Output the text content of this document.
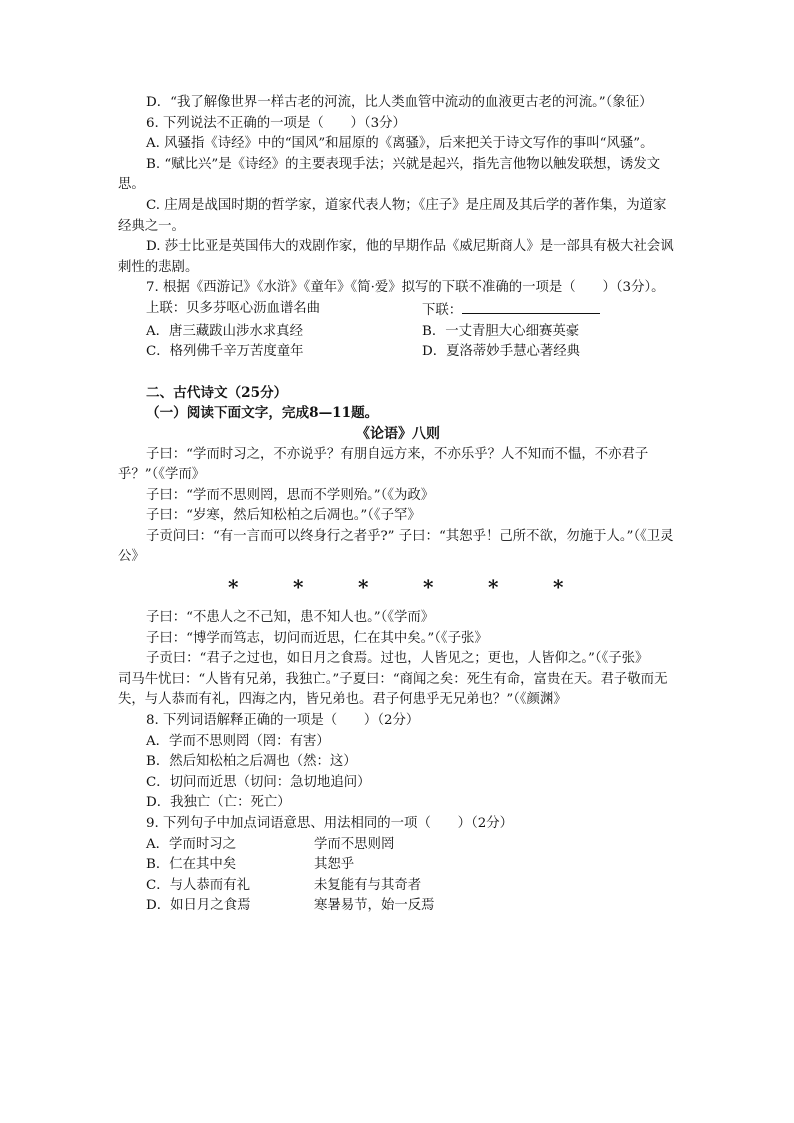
D．“我了解像世界一样古老的河流，比人类血管中流动的血液更古老的河流。”（象征）

6. 下列说法不正确的一项是（　　）（3分）

A. 风骚指《诗经》中的“国风”和屈原的《离骚》，后来把关于诗文写作的事叫“风骚”。

B. “赋比兴”是《诗经》的主要表现手法；兴就是起兴，指先言他物以触发联想，诱发文思。

C. 庄周是战国时期的哲学家，道家代表人物；《庄子》是庄周及其后学的著作集，为道家经典之一。

D. 莎士比亚是英国伟大的戏剧作家，他的早期作品《威尼斯商人》是一部具有极大社会讽刺性的悲剧。

7. 根据《西游记》《水浒》《童年》《简·爱》拟写的下联不准确的一项是（　　）（3分）。

上联：贝多芬呕心沥血谱名曲	下联：
A．唐三藏跋山涉水求真经	B．一丈青胆大心细赛英豪
C．格列佛千辛万苦度童年	D．夏洛蒂妙手慧心著经典

二、古代诗文（25分）

（一）阅读下面文字，完成8—11题。

《论语》八则

子曰：“学而时习之，不亦说乎？有朋自远方来，不亦乐乎？人不知而不愠，不亦君子乎？”（《学而》

子曰：“学而不思则罔，思而不学则殆。”（《为政》

子曰：“岁寒，然后知松柏之后凋也。”（《子罕》

子贡问曰：“有一言而可以终身行之者乎?” 子曰：“其恕乎！己所不欲，勿施于人。”（《卫灵公》

*	*	*	*	*	*

子曰：“不患人之不己知，患不知人也。”（《学而》

子曰：“博学而笃志，切问而近思，仁在其中矣。”（《子张》

子贡曰：“君子之过也，如日月之食焉。过也，人皆见之；更也，人皆仰之。”（《子张》

司马牛忧曰：“人皆有兄弟，我独亡。”子夏曰：“商闻之矣：死生有命，富贵在天。君子敬而无失，与人恭而有礼，四海之内，皆兄弟也。君子何患乎无兄弟也？”（《颜渊》

8. 下列词语解释正确的一项是（　　）（2分）

A．学而不思则罔（罔：有害）

B．然后知松柏之后凋也（然：这）

C．切问而近思（切问：急切地追问）

D．我独亡（亡：死亡）

9. 下列句子中加点词语意思、用法相同的一项（　　）（2分）

A．学而时习之	学而不思则罔
B．仁在其中矣	其恕乎
C．与人恭而有礼	未复能有与其奇者
D．如日月之食焉	寒暑易节，始一反焉
